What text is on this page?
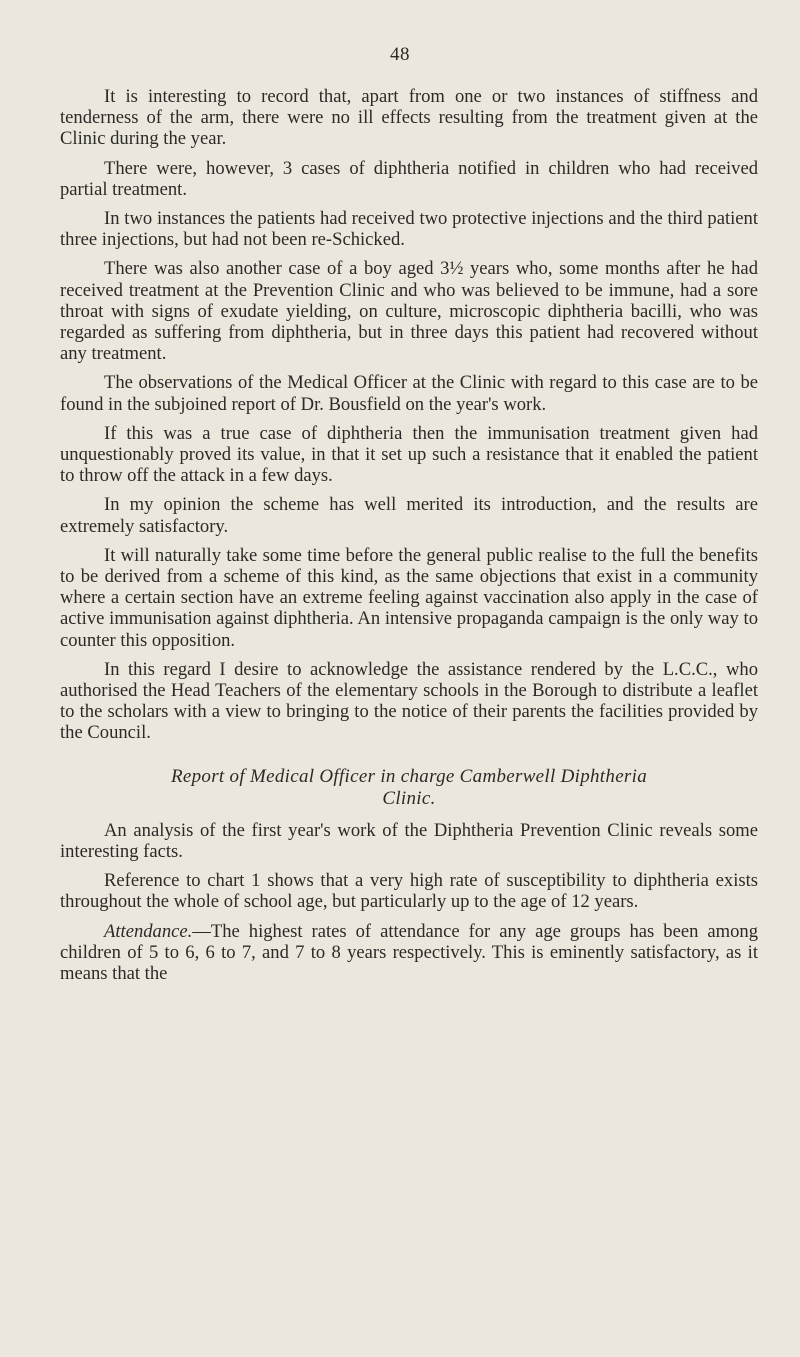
48

It is interesting to record that, apart from one or two instances of stiffness and tenderness of the arm, there were no ill effects resulting from the treatment given at the Clinic during the year.

There were, however, 3 cases of diphtheria notified in children who had received partial treatment.

In two instances the patients had received two protective injections and the third patient three injections, but had not been re-Schicked.

There was also another case of a boy aged 3½ years who, some months after he had received treatment at the Prevention Clinic and who was believed to be immune, had a sore throat with signs of exudate yielding, on culture, microscopic diphtheria bacilli, who was regarded as suffering from diphtheria, but in three days this patient had recovered without any treatment.

The observations of the Medical Officer at the Clinic with regard to this case are to be found in the subjoined report of Dr. Bousfield on the year's work.

If this was a true case of diphtheria then the immunisation treatment given had unquestionably proved its value, in that it set up such a resistance that it enabled the patient to throw off the attack in a few days.

In my opinion the scheme has well merited its introduction, and the results are extremely satisfactory.

It will naturally take some time before the general public realise to the full the benefits to be derived from a scheme of this kind, as the same objections that exist in a community where a certain section have an extreme feeling against vaccination also apply in the case of active immunisation against diphtheria. An intensive propaganda campaign is the only way to counter this opposition.

In this regard I desire to acknowledge the assistance rendered by the L.C.C., who authorised the Head Teachers of the elementary schools in the Borough to distribute a leaflet to the scholars with a view to bringing to the notice of their parents the facilities provided by the Council.

Report of Medical Officer in charge Camberwell Diphtheria
Clinic.

An analysis of the first year's work of the Diphtheria Prevention Clinic reveals some interesting facts.

Reference to chart 1 shows that a very high rate of susceptibility to diphtheria exists throughout the whole of school age, but particularly up to the age of 12 years.

Attendance.—The highest rates of attendance for any age groups has been among children of 5 to 6, 6 to 7, and 7 to 8 years respectively. This is eminently satisfactory, as it means that the
